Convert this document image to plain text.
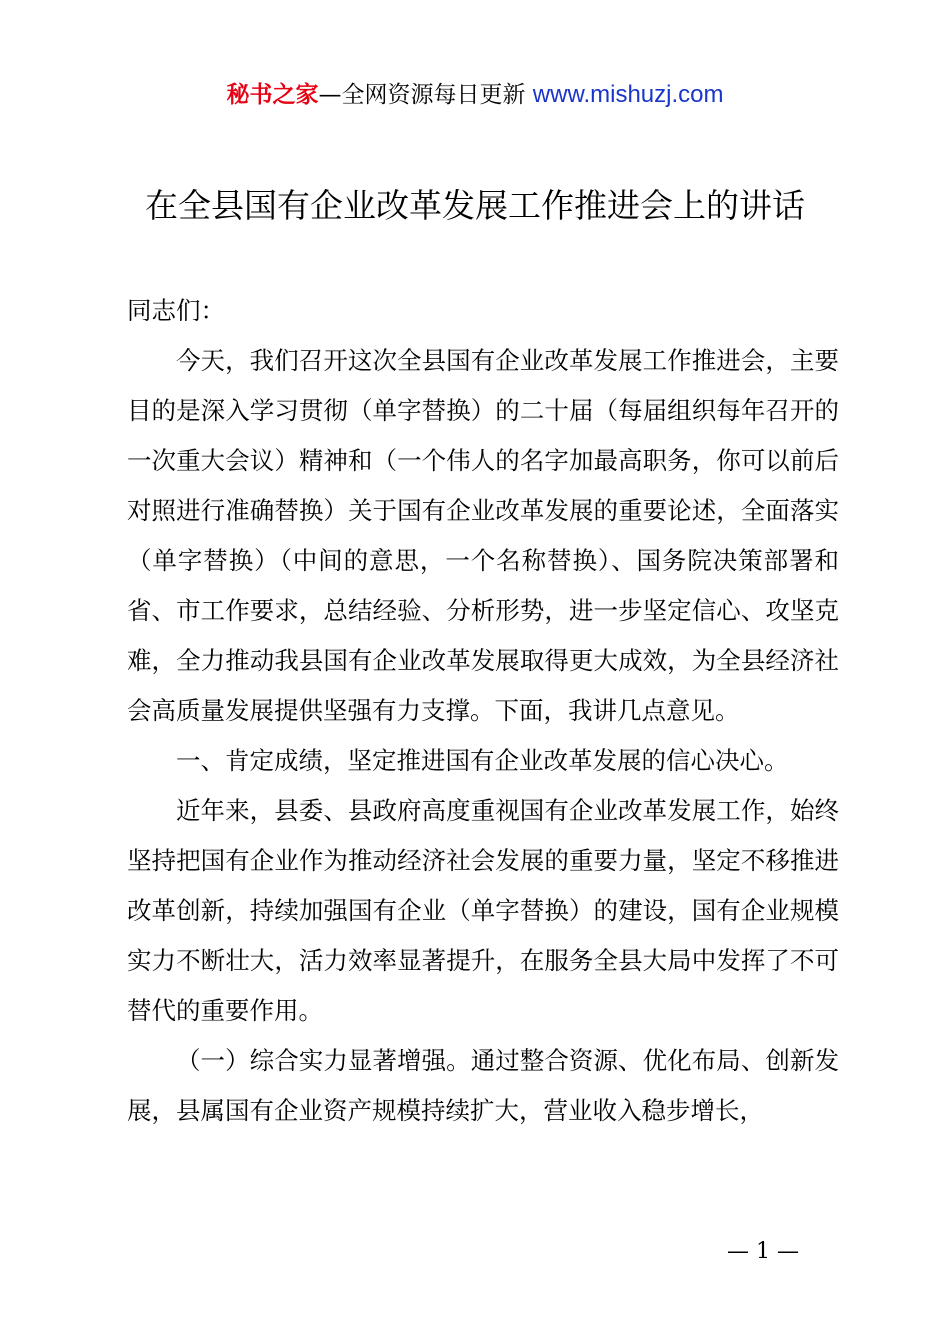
秘书之家—全网资源每日更新 www.mishuzj.com
在全县国有企业改革发展工作推进会上的讲话

同志们：

今天，我们召开这次全县国有企业改革发展工作推进会，主要目的是深入学习贯彻（单字替换）的二十届（每届组织每年召开的一次重大会议）精神和（一个伟人的名字加最高职务，你可以前后对照进行准确替换）关于国有企业改革发展的重要论述，全面落实（单字替换）（中间的意思，一个名称替换）、国务院决策部署和省、市工作要求，总结经验、分析形势，进一步坚定信心、攻坚克难，全力推动我县国有企业改革发展取得更大成效，为全县经济社会高质量发展提供坚强有力支撑。下面，我讲几点意见。

一、肯定成绩，坚定推进国有企业改革发展的信心决心。

近年来，县委、县政府高度重视国有企业改革发展工作，始终坚持把国有企业作为推动经济社会发展的重要力量，坚定不移推进改革创新，持续加强国有企业（单字替换）的建设，国有企业规模实力不断壮大，活力效率显著提升，在服务全县大局中发挥了不可替代的重要作用。

（一）综合实力显著增强。通过整合资源、优化布局、创新发展，县属国有企业资产规模持续扩大，营业收入稳步增长，

— 1 —
